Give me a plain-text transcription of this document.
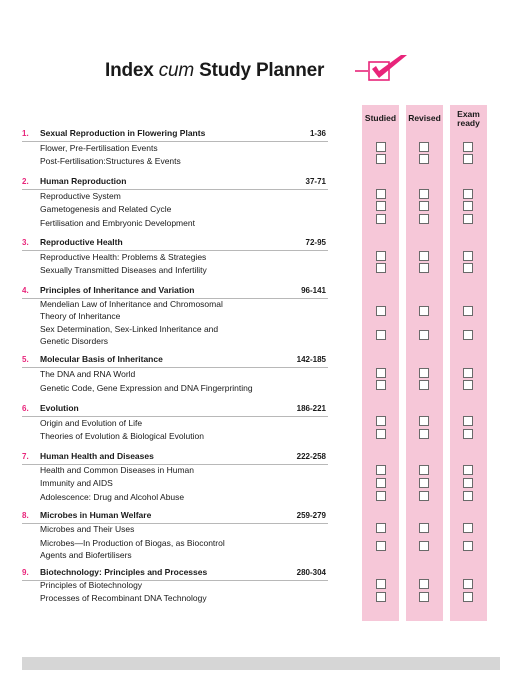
Index cum Study Planner
Studied	Revised	Exam
ready
1. Sexual Reproduction in Flowering Plants	1-36
Flower, Pre-Fertilisation Events
Post-Fertilisation:Structures & Events
2. Human Reproduction	37-71
Reproductive System
Gametogenesis and Related Cycle
Fertilisation and Embryonic Development
3. Reproductive Health	72-95
Reproductive Health: Problems & Strategies
Sexually Transmitted Diseases and Infertility
4. Principles of Inheritance and Variation	96-141
Mendelian Law of Inheritance and Chromosomal Theory of Inheritance
Sex Determination, Sex-Linked Inheritance and Genetic Disorders
5. Molecular Basis of Inheritance	142-185
The DNA and RNA World
Genetic Code, Gene Expression and DNA Fingerprinting
6. Evolution	186-221
Origin and Evolution of Life
Theories of Evolution & Biological Evolution
7. Human Health and Diseases	222-258
Health and Common Diseases in Human
Immunity and AIDS
Adolescence: Drug and Alcohol Abuse
8. Microbes in Human Welfare	259-279
Microbes and Their Uses
Microbes—In Production of Biogas, as Biocontrol Agents and Biofertilisers
9. Biotechnology: Principles and Processes	280-304
Principles of Biotechnology
Processes of Recombinant DNA Technology
